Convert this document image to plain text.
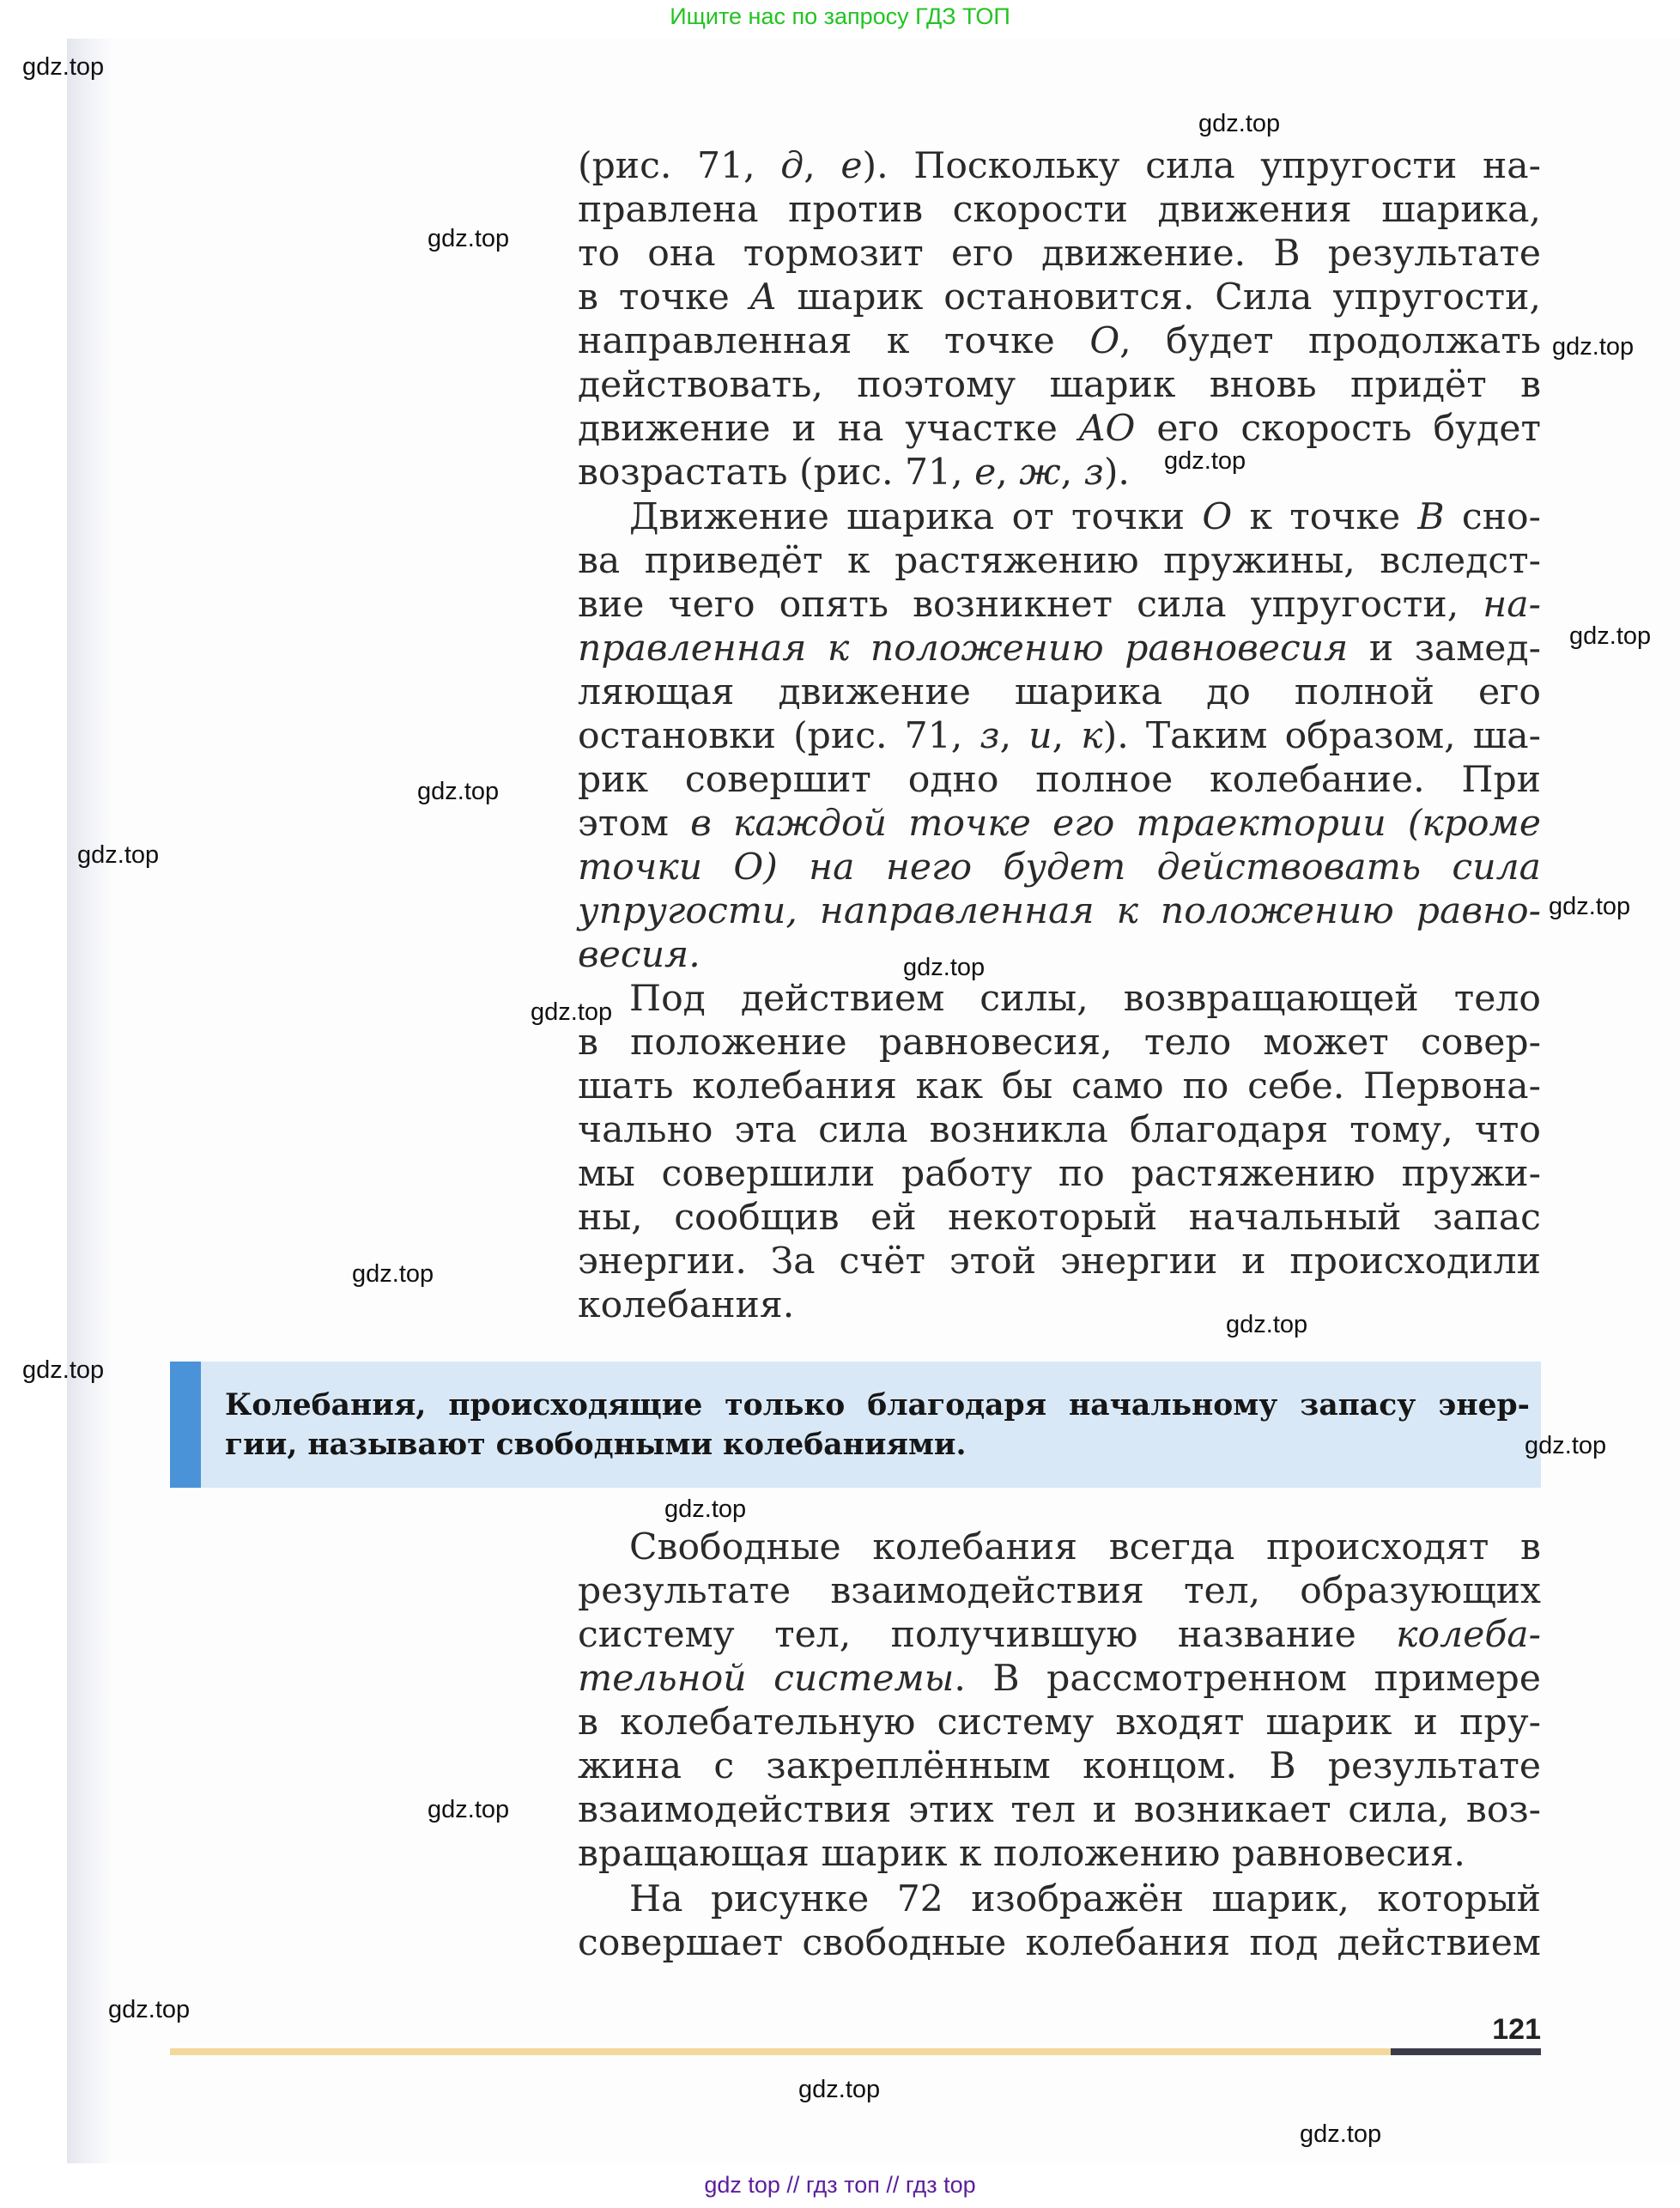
Ищите нас по запросу ГДЗ ТОП
(рис. 71, д, е). Поскольку сила упругости на-
правлена против скорости движения шарика,
то она тормозит его движение. В результате
в точке A шарик остановится. Сила упругости,
направленная к точке O, будет продолжать
действовать, поэтому шарик вновь придёт в
движение и на участке AO его скорость будет
возрастать (рис. 71, е, ж, з).
Движение шарика от точки O к точке B сно-
ва приведёт к растяжению пружины, вследст-
вие чего опять возникнет сила упругости, на-
правленная к положению равновесия и замед-
ляющая движение шарика до полной его
остановки (рис. 71, з, и, к). Таким образом, ша-
рик совершит одно полное колебание. При
этом в каждой точке его траектории (кроме
точки O) на него будет действовать сила
упругости, направленная к положению равно-
весия.
Под действием силы, возвращающей тело
в положение равновесия, тело может совер-
шать колебания как бы само по себе. Первона-
чально эта сила возникла благодаря тому, что
мы совершили работу по растяжению пружи-
ны, сообщив ей некоторый начальный запас
энергии. За счёт этой энергии и происходили
колебания.
Колебания, происходящие только благодаря начальному запасу энер-
гии, называют свободными колебаниями.
Свободные колебания всегда происходят в
результате взаимодействия тел, образующих
систему тел, получившую название колеба-
тельной системы. В рассмотренном примере
в колебательную систему входят шарик и пру-
жина с закреплённым концом. В результате
взаимодействия этих тел и возникает сила, воз-
вращающая шарик к положению равновесия.
На рисунке 72 изображён шарик, который
совершает свободные колебания под действием
121
gdz.top
gdz.top
gdz.top
gdz.top
gdz.top
gdz.top
gdz.top
gdz.top
gdz.top
gdz.top
gdz.top
gdz.top
gdz.top
gdz.top
gdz.top
gdz.top
gdz.top
gdz.top
gdz.top
gdz.top
gdz top // гдз топ // гдз top
